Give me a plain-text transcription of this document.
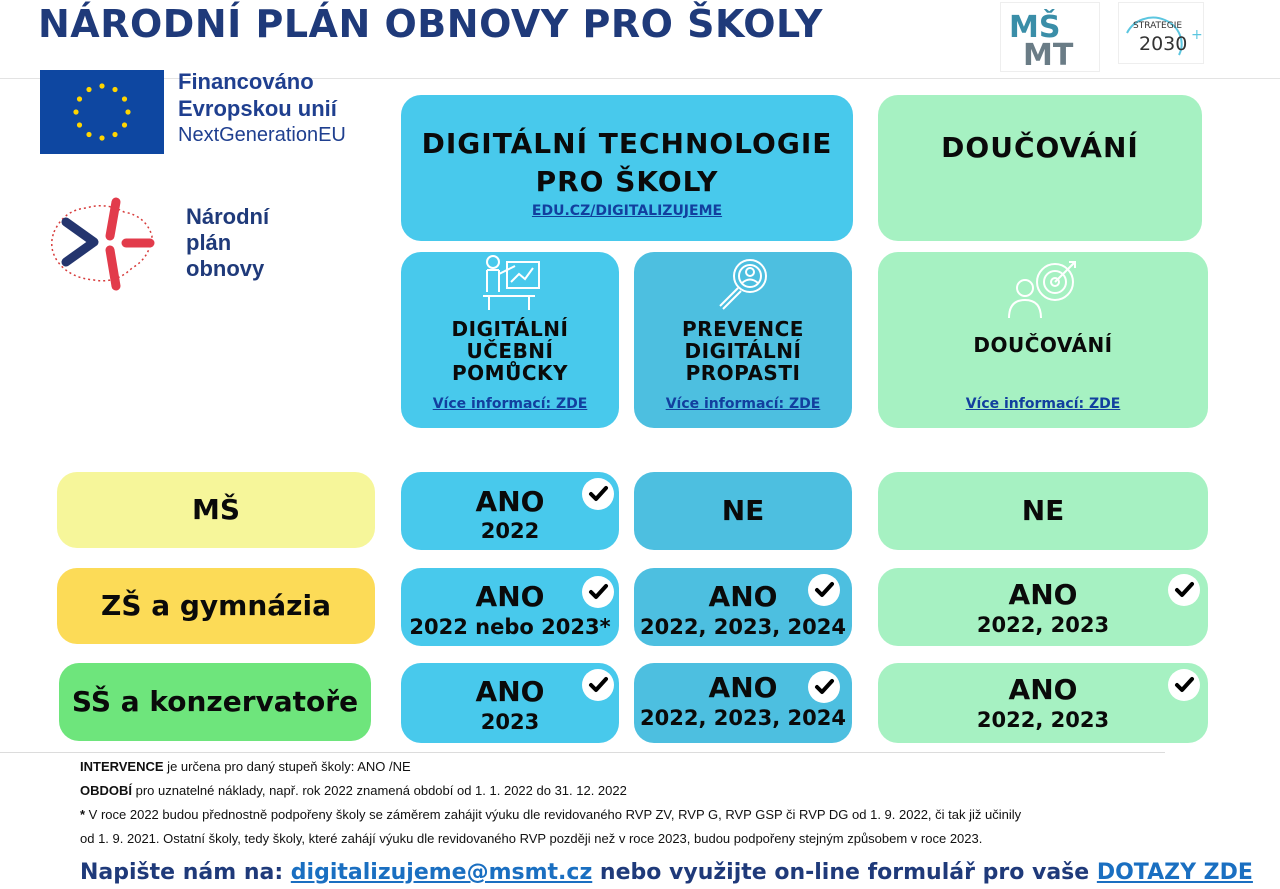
NÁRODNÍ PLÁN OBNOVY PRO ŠKOLY	MŠ
MT
STRATEGIE
2030 +
Financováno
Evropskou unií
NextGenerationEU
Národní
plán
obnovy
DIGITÁLNÍ TECHNOLOGIE
PRO ŠKOLY
EDU.CZ/DIGITALIZUJEME
DOUČOVÁNÍ
DIGITÁLNÍ
UČEBNÍ
POMŮCKY
Více informací: ZDE
PREVENCE
DIGITÁLNÍ
PROPASTI
Více informací: ZDE
DOUČOVÁNÍ
Více informací: ZDE
MŠ
ZŠ a gymnázia
SŠ a konzervatoře
ANO
2022
NE	NE
ANO
2022 nebo 2023*
ANO
2022, 2023, 2024
ANO
2022, 2023
ANO
2023
ANO
2022, 2023, 2024
ANO
2022, 2023
INTERVENCE je určena pro daný stupeň školy: ANO /NE
OBDOBÍ pro uznatelné náklady, např. rok 2022 znamená období od 1. 1. 2022 do 31. 12. 2022
* V roce 2022 budou přednostně podpořeny školy se záměrem zahájit výuku dle revidovaného RVP ZV, RVP G, RVP GSP či RVP DG od 1. 9. 2022, či tak již učinily
od 1. 9. 2021. Ostatní školy, tedy školy, které zahájí výuku dle revidovaného RVP později než v roce 2023, budou podpořeny stejným způsobem v roce 2023.
Napište nám na: digitalizujeme@msmt.cz nebo využijte on-line formulář pro vaše DOTAZY ZDE
